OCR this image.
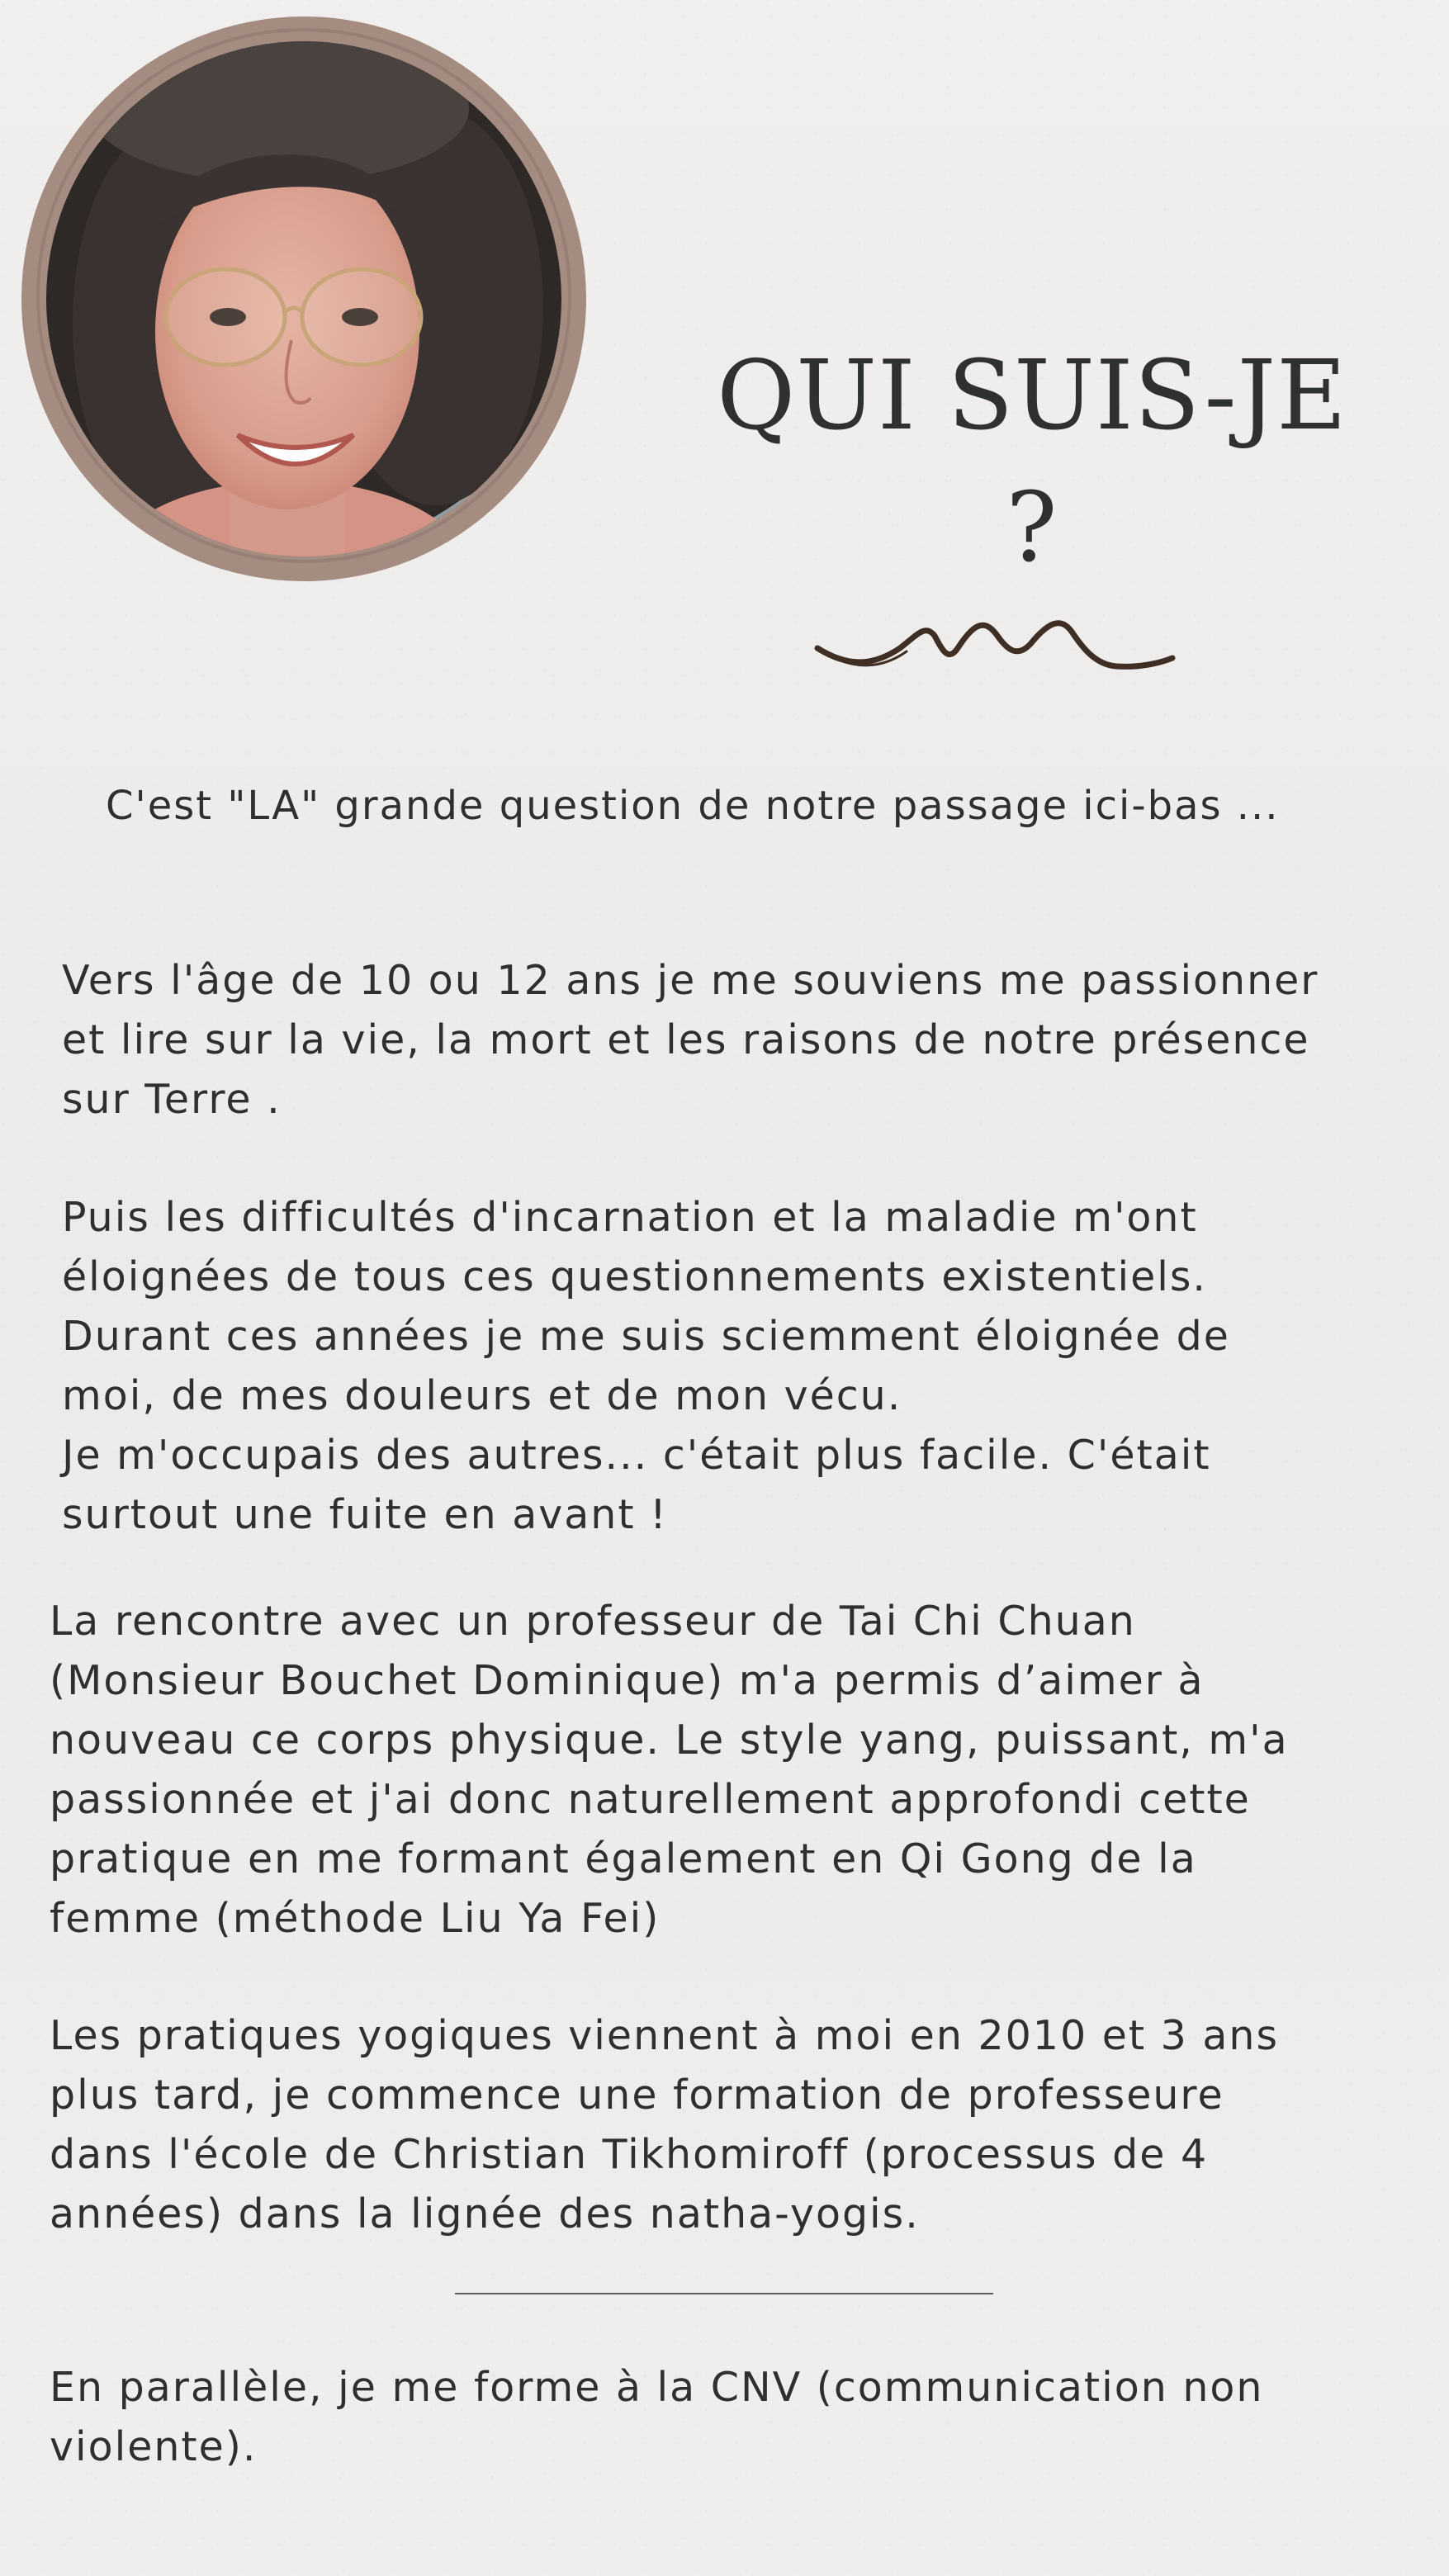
QUI SUIS-JE ?

C'est "LA" grande question de notre passage ici-bas ...

Vers l'âge de 10 ou 12 ans je me souviens me passionner
et lire sur la vie, la mort et les raisons de notre présence
sur Terre .

Puis les difficultés d'incarnation et la maladie m'ont
éloignées de tous ces questionnements existentiels.
Durant ces années je me suis sciemment éloignée de
moi, de mes douleurs et de mon vécu.
Je m'occupais des autres... c'était plus facile. C'était
surtout une fuite en avant !

La rencontre avec un professeur de Tai Chi Chuan
(Monsieur Bouchet Dominique) m'a permis d’aimer à
nouveau ce corps physique. Le style yang, puissant, m'a
passionnée et j'ai donc naturellement approfondi cette
pratique en me formant également en Qi Gong de la
femme (méthode Liu Ya Fei)

Les pratiques yogiques viennent à moi en 2010 et 3 ans
plus tard, je commence une formation de professeure
dans l'école de Christian Tikhomiroff (processus de 4
années) dans la lignée des natha-yogis.

En parallèle, je me forme à la CNV (communication non
violente).
